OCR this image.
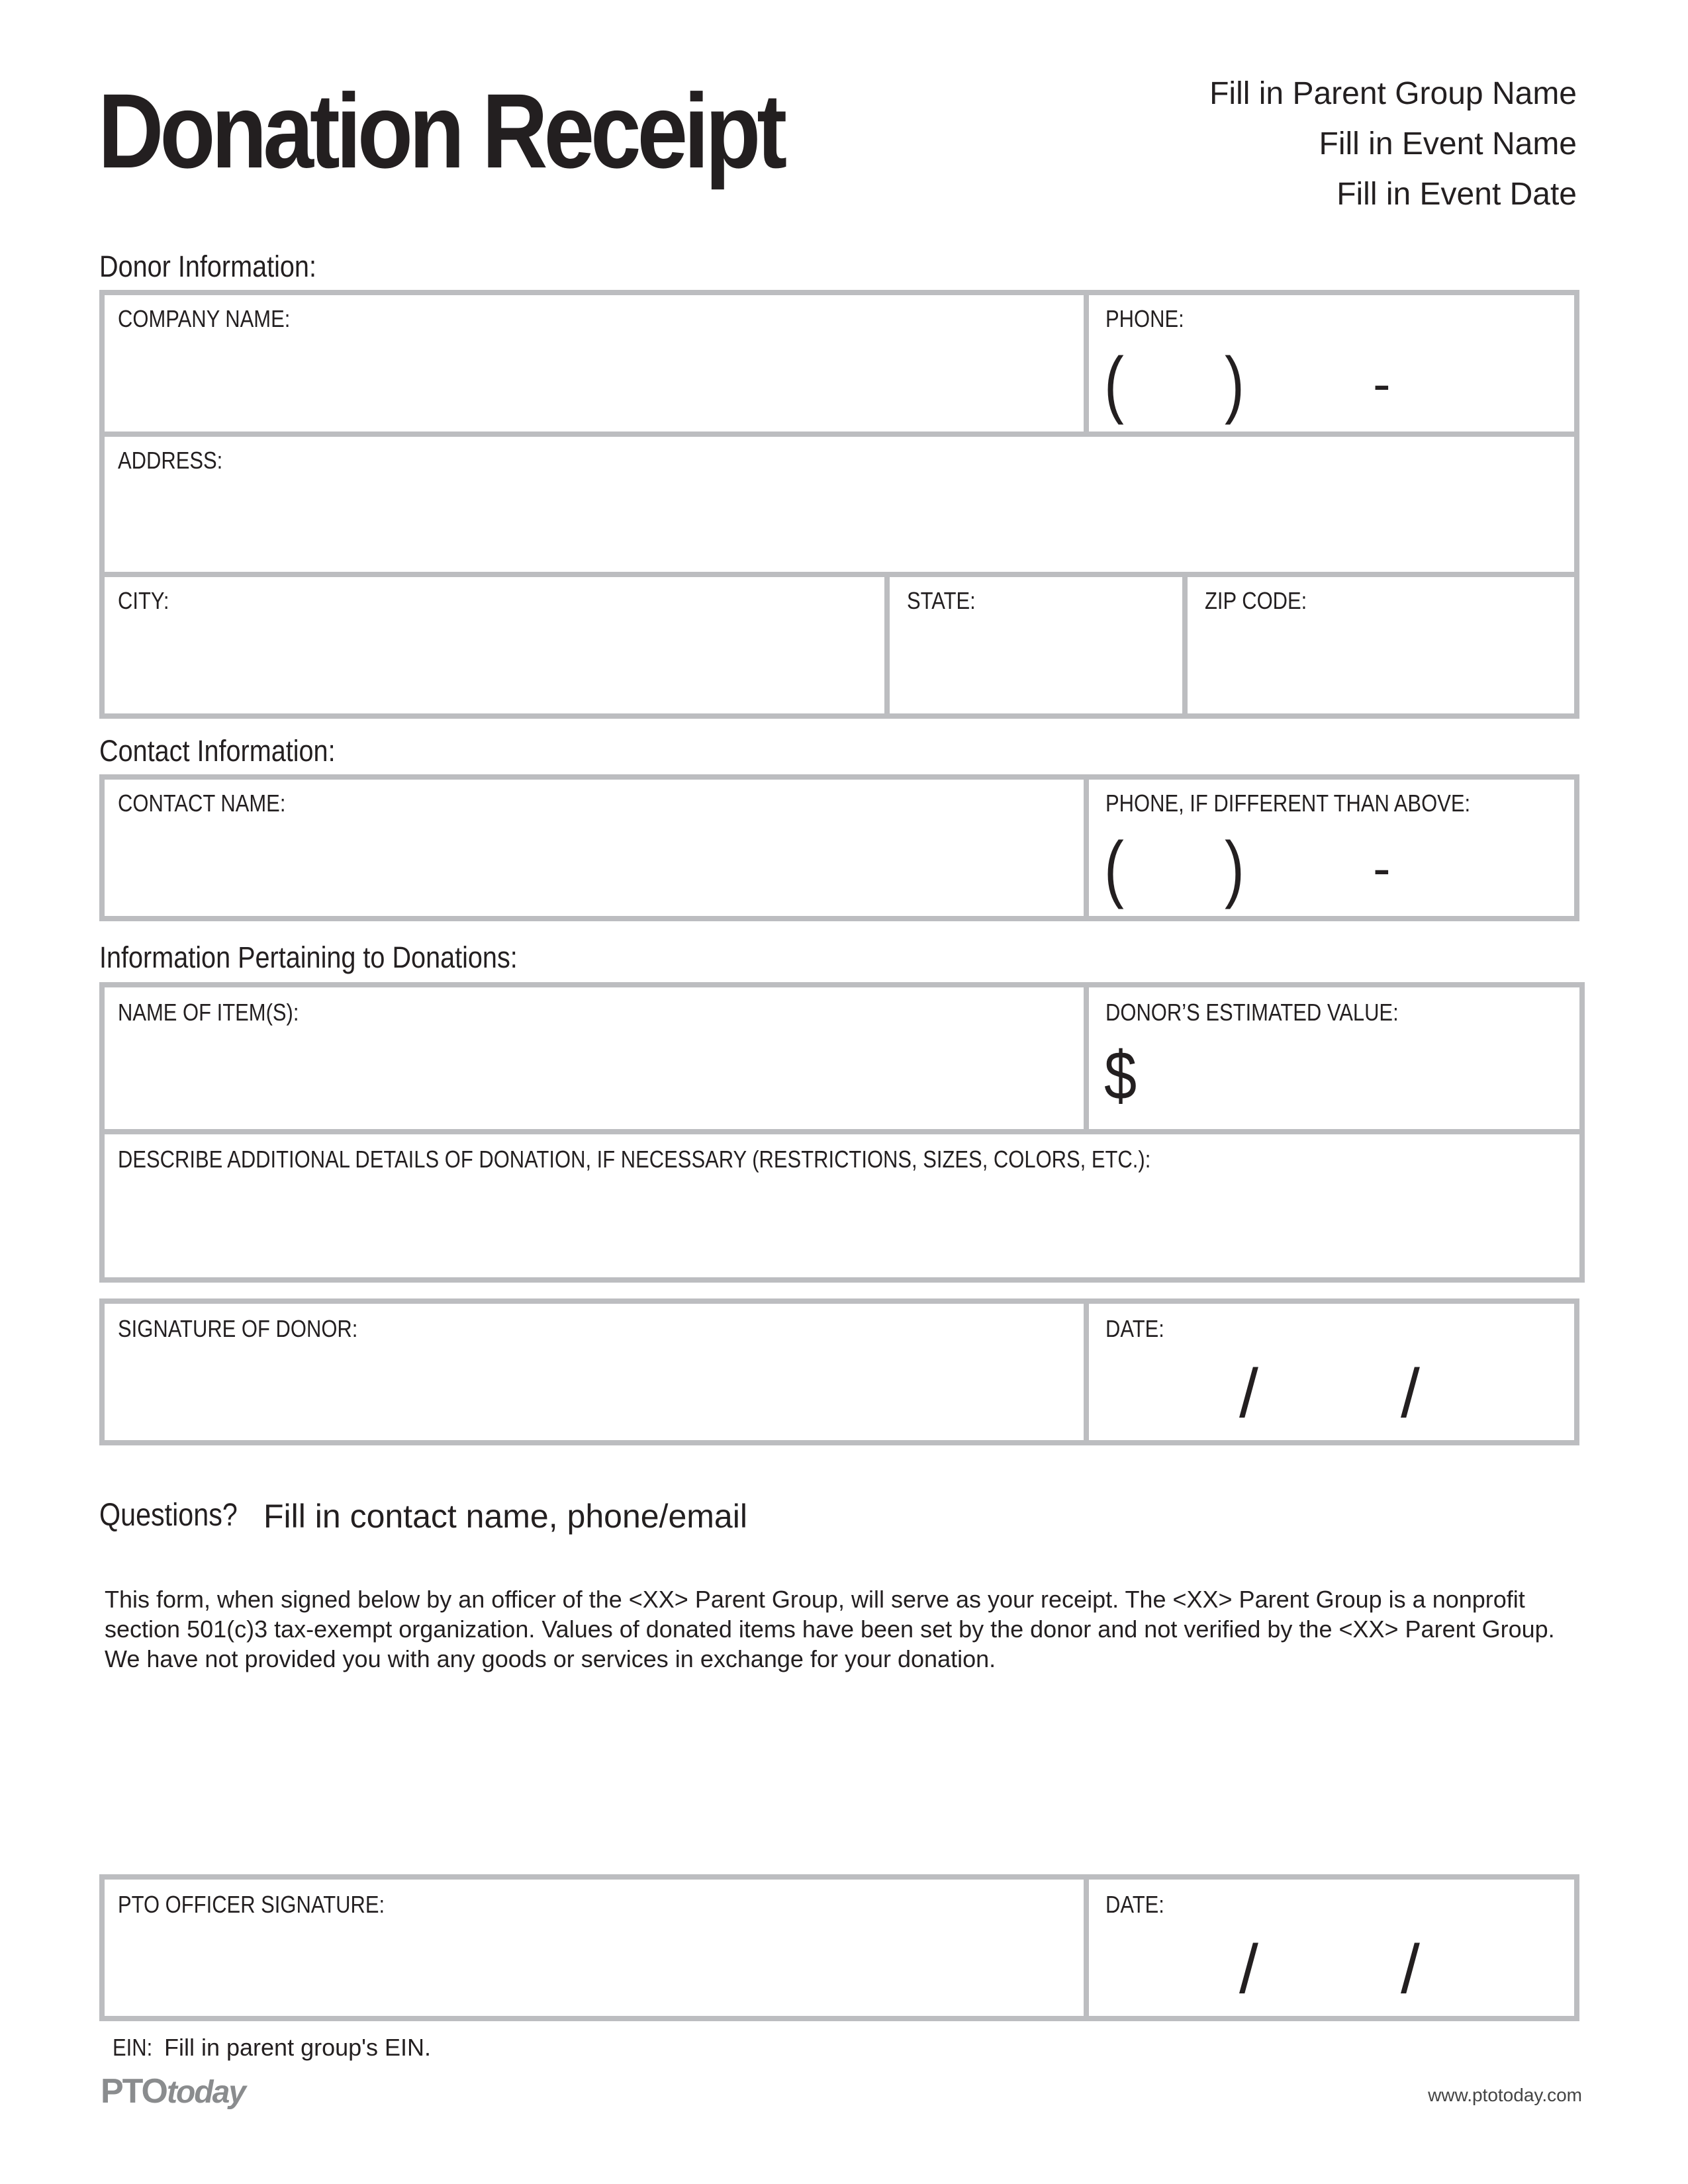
Donation Receipt	Fill in Parent Group Name
Fill in Event Name
Fill in Event Date
Donor Information:
COMPANY NAME:	PHONE:
( ) -
ADDRESS:
CITY:	STATE:	ZIP CODE:
Contact Information:
CONTACT NAME:	PHONE, IF DIFFERENT THAN ABOVE:
( ) -
Information Pertaining to Donations:
NAME OF ITEM(S):	DONOR’S ESTIMATED VALUE:
$
DESCRIBE ADDITIONAL DETAILS OF DONATION, IF NECESSARY (RESTRICTIONS, SIZES, COLORS, ETC.):
SIGNATURE OF DONOR:	DATE:
/ /
Questions? Fill in contact name, phone/email
This form, when signed below by an officer of the <XX> Parent Group, will serve as your receipt. The <XX> Parent Group is a nonprofit section 501(c)3 tax-exempt organization. Values of donated items have been set by the donor and not verified by the <XX> Parent Group. We have not provided you with any goods or services in exchange for your donation.
PTO OFFICER SIGNATURE:	DATE:
/ /
EIN: Fill in parent group's EIN.
PTOtoday	www.ptotoday.com
